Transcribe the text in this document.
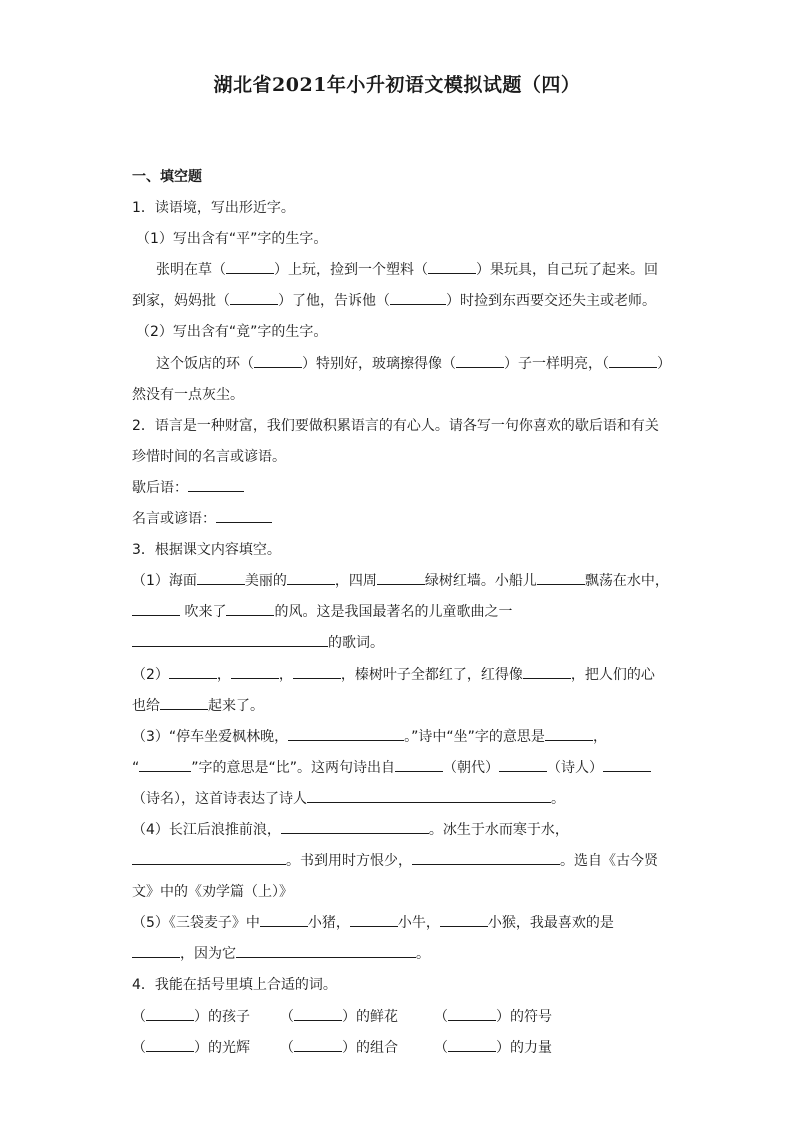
湖北省2021年小升初语文模拟试题（四）
一、填空题
1．读语境，写出形近字。
（1）写出含有“平”字的生字。
张明在草（	）上玩，捡到一个塑料（	）果玩具，自己玩了起来。回
到家，妈妈批（	）了他，告诉他（	）时捡到东西要交还失主或老师。
（2）写出含有“竟”字的生字。
这个饭店的环（	）特别好，玻璃擦得像（	）子一样明亮，（	）
然没有一点灰尘。
2．语言是一种财富，我们要做积累语言的有心人。请各写一句你喜欢的歇后语和有关
珍惜时间的名言或谚语。
歇后语：
名言或谚语：
3．根据课文内容填空。
（1）海面	美丽的	，四周	绿树红墙。小船儿	飘荡在水中，
吹来了	的风。这是我国最著名的儿童歌曲之一
的歌词。
（2）	，	，	，榛树叶子全都红了，红得像	，把人们的心
也给	起来了。
（3）“停车坐爱枫林晚，	。”诗中“坐”字的意思是	，
“	”字的意思是“比”。这两句诗出自	（朝代）	（诗人）
（诗名），这首诗表达了诗人	。
（4）长江后浪推前浪，	。冰生于水而寒于水，
。书到用时方恨少，	。选自《古今贤
文》中的《劝学篇（上）》
（5）《三袋麦子》中	小猪，	小牛，	小猴，我最喜欢的是
，因为它	。
4．我能在括号里填上合适的词。
（	）的孩子 （	）的鲜花	（	）的符号
（	）的光辉 （	）的组合	（	）的力量
